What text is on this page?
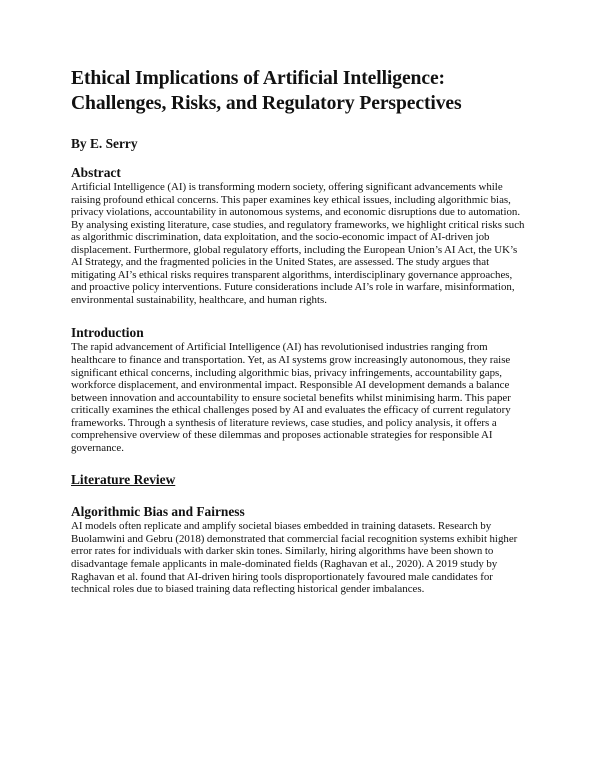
Ethical Implications of Artificial Intelligence:
Challenges, Risks, and Regulatory Perspectives
By E. Serry
Abstract

Artificial Intelligence (AI) is transforming modern society, offering significant advancements while raising profound ethical concerns. This paper examines key ethical issues, including algorithmic bias, privacy violations, accountability in autonomous systems, and economic disruptions due to automation. By analysing existing literature, case studies, and regulatory frameworks, we highlight critical risks such as algorithmic discrimination, data exploitation, and the socio-economic impact of AI-driven job displacement. Furthermore, global regulatory efforts, including the European Union’s AI Act, the UK’s AI Strategy, and the fragmented policies in the United States, are assessed. The study argues that mitigating AI’s ethical risks requires transparent algorithms, interdisciplinary governance approaches, and proactive policy interventions. Future considerations include AI’s role in warfare, misinformation, environmental sustainability, healthcare, and human rights.

Introduction

The rapid advancement of Artificial Intelligence (AI) has revolutionised industries ranging from healthcare to finance and transportation. Yet, as AI systems grow increasingly autonomous, they raise significant ethical concerns, including algorithmic bias, privacy infringements, accountability gaps, workforce displacement, and environmental impact. Responsible AI development demands a balance between innovation and accountability to ensure societal benefits whilst minimising harm. This paper critically examines the ethical challenges posed by AI and evaluates the efficacy of current regulatory frameworks. Through a synthesis of literature reviews, case studies, and policy analysis, it offers a comprehensive overview of these dilemmas and proposes actionable strategies for responsible AI governance.

Literature Review
Algorithmic Bias and Fairness

AI models often replicate and amplify societal biases embedded in training datasets. Research by Buolamwini and Gebru (2018) demonstrated that commercial facial recognition systems exhibit higher error rates for individuals with darker skin tones. Similarly, hiring algorithms have been shown to disadvantage female applicants in male-dominated fields (Raghavan et al., 2020). A 2019 study by Raghavan et al. found that AI-driven hiring tools disproportionately favoured male candidates for technical roles due to biased training data reflecting historical gender imbalances.
